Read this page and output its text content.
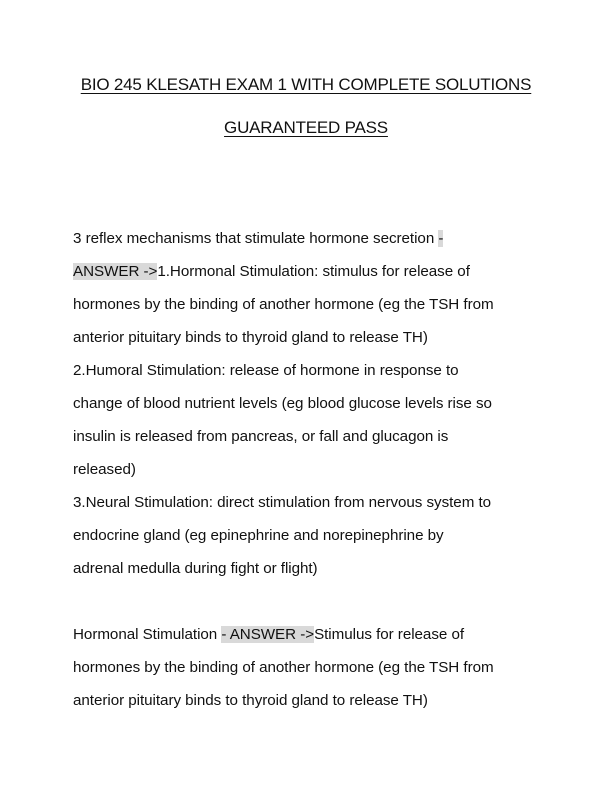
BIO 245 KLESATH EXAM 1 WITH COMPLETE SOLUTIONS
GUARANTEED PASS
3 reflex mechanisms that stimulate hormone secretion -
ANSWER ->1.Hormonal Stimulation: stimulus for release of
hormones by the binding of another hormone (eg the TSH from
anterior pituitary binds to thyroid gland to release TH)
2.Humoral Stimulation: release of hormone in response to
change of blood nutrient levels (eg blood glucose levels rise so
insulin is released from pancreas, or fall and glucagon is
released)
3.Neural Stimulation: direct stimulation from nervous system to
endocrine gland (eg epinephrine and norepinephrine by
adrenal medulla during fight or flight)
Hormonal Stimulation - ANSWER ->Stimulus for release of
hormones by the binding of another hormone (eg the TSH from
anterior pituitary binds to thyroid gland to release TH)
